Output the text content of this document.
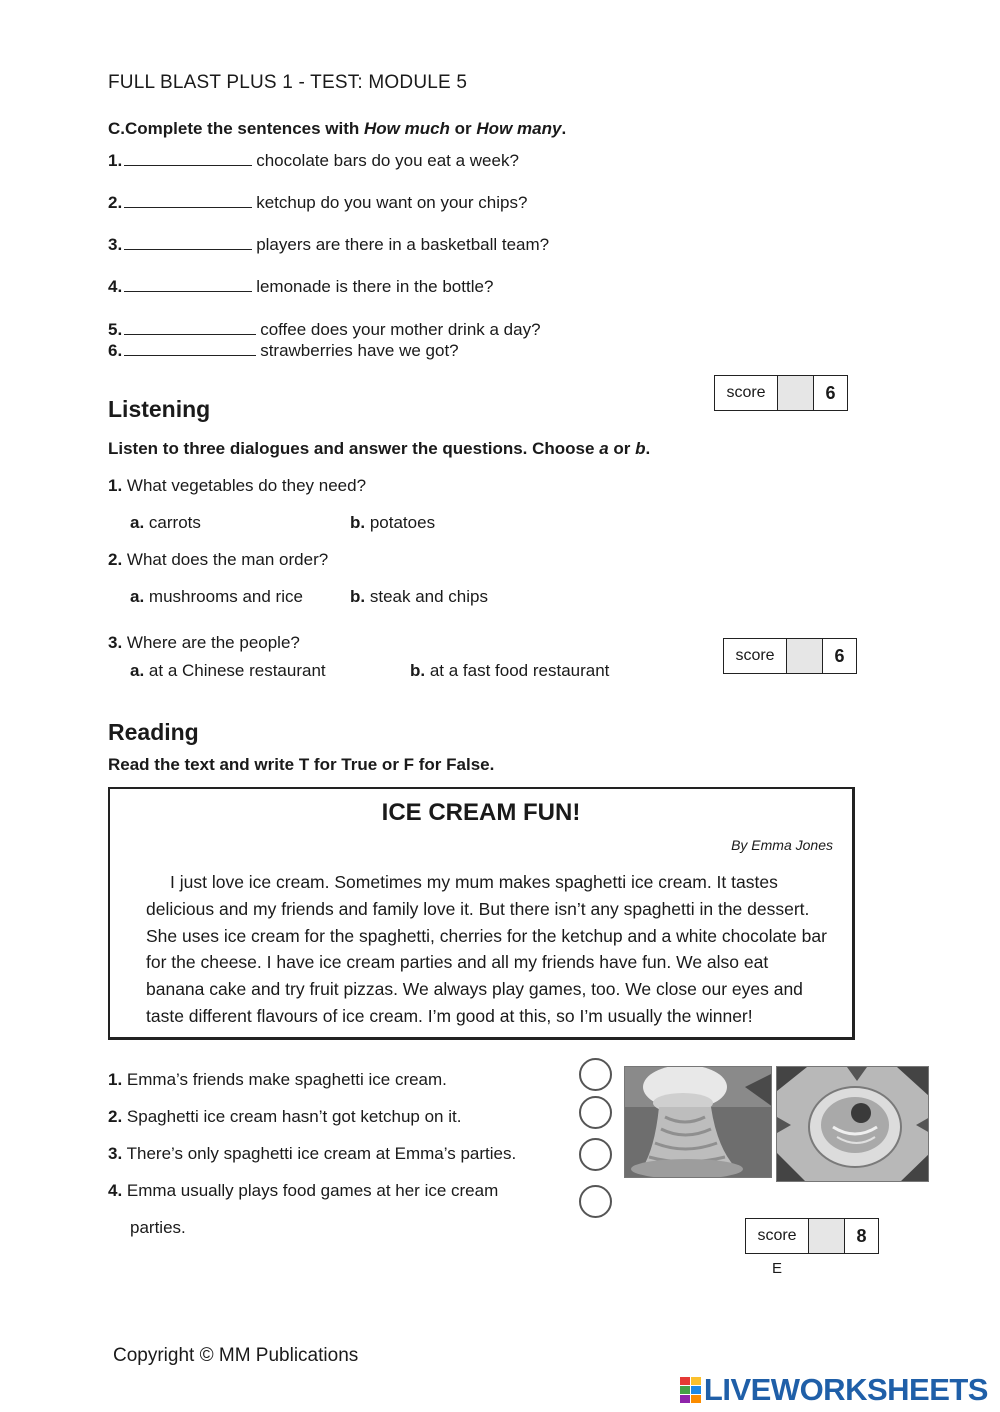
FULL BLAST PLUS 1 - TEST: MODULE 5
C.Complete the sentences with How much or How many.
1.	chocolate bars do you eat a week?
2.	ketchup do you want on your chips?
3.	players are there in a basketball team?
4.	lemonade is there in the bottle?
5.	coffee does your mother drink a day?
6.	strawberries have we got?
score	6
Listening
Listen to three dialogues and answer the questions. Choose a or b.
1. What vegetables do they need?
a. carrots	b. potatoes
2. What does the man order?
a. mushrooms and rice	b. steak and chips
3. Where are the people?
a. at a Chinese restaurant	b. at a fast food restaurant
score	6
Reading
Read the text and write T for True or F for False.
ICE CREAM FUN!
By Emma Jones
I just love ice cream. Sometimes my mum makes spaghetti ice cream. It tastes delicious and my friends and family love it. But there isn’t any spaghetti in the dessert. She uses ice cream for the spaghetti, cherries for the ketchup and a white chocolate bar for the cheese. I have ice cream parties and all my friends have fun. We also eat banana cake and try fruit pizzas. We always play games, too. We close our eyes and taste different flavours of ice cream. I’m good at this, so I’m usually the winner!
1. Emma’s friends make spaghetti ice cream.
2. Spaghetti ice cream hasn’t got ketchup on it.
3. There’s only spaghetti ice cream at Emma’s parties.
4. Emma usually plays food games at her ice cream
parties.	score	8
E
Copyright © MM Publications
LIVEWORKSHEETS
